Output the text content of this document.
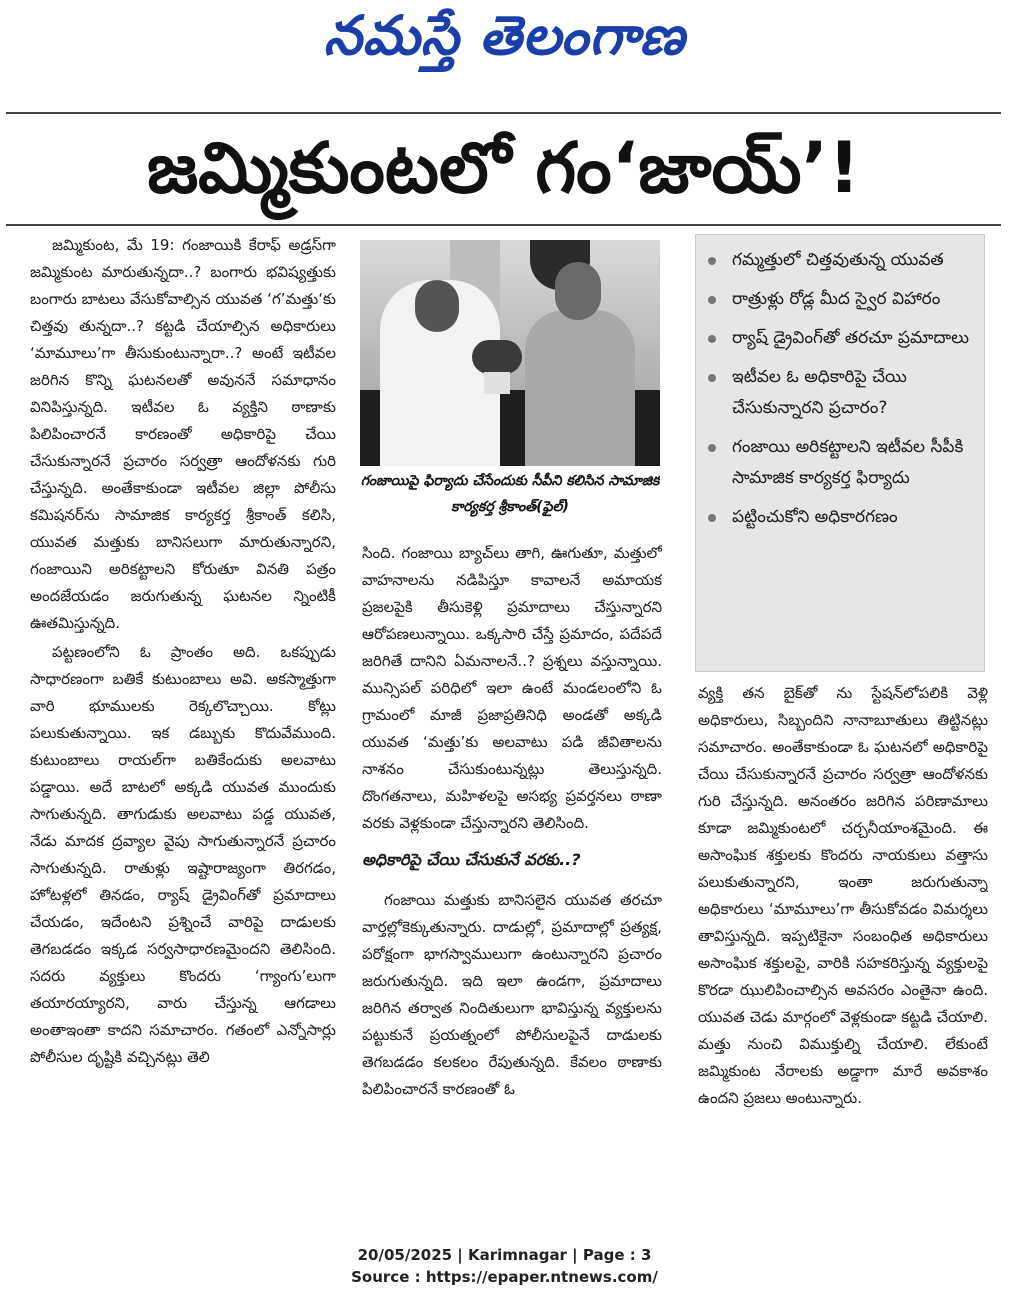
నమస్తే తెలంగాణ
జమ్మికుంటలో గం‘జాయ్’!

జమ్మికుంట, మే 19: గంజాయికి కేరాఫ్ అడ్రస్‌గా జమ్మికుంట మారుతున్నదా..? బంగారు భవిష్యత్తుకు బంగారు బాటలు వేసుకోవాల్సిన యువత ‘గ’మత్తు‘కు చిత్తవు తున్నదా..? కట్టడి చేయాల్సిన అధికారులు ‘మామూలు’గా తీసుకుంటున్నారా..? అంటే ఇటీవల జరిగిన కొన్ని ఘటనలతో అవుననే సమాధానం వినిపిస్తున్నది. ఇటీవల ఓ వ్యక్తిని ఠాణాకు పిలిపించారనే కారణంతో అధికారిపై చేయి చేసుకున్నారనే ప్రచారం సర్వత్రా ఆందోళనకు గురి చేస్తున్నది. అంతేకాకుండా ఇటీవల జిల్లా పోలీసు కమిషనర్‌ను సామాజిక కార్యకర్త శ్రీకాంత్ కలిసి, యువత మత్తుకు బానిసలుగా మారుతున్నారని, గంజాయిని అరికట్టాలని కోరుతూ వినతి పత్రం అందజేయడం జరుగుతున్న ఘటనల న్నింటికీ ఊతమిస్తున్నది.

పట్టణంలోని ఓ ప్రాంతం అది. ఒకప్పుడు సాధారణంగా బతికే కుటుంబాలు అవి. అకస్మాత్తుగా వారి భూములకు రెక్కలొచ్చాయి. కోట్లు పలుకుతున్నాయి. ఇక డబ్బుకు కొదువేముంది. కుటుంబాలు రాయల్‌గా బతికేందుకు అలవాటు పడ్డాయి. అదే బాటలో అక్కడి యువత ముందుకు సాగుతున్నది. తాగుడుకు అలవాటు పడ్డ యువత, నేడు మాదక ద్రవ్యాల వైపు సాగుతున్నారనే ప్రచారం సాగుతున్నది. రాతుళ్లు ఇష్టారాజ్యంగా తిరగడం, హోటళ్లలో తినడం, ర్యాష్ డ్రైవింగ్‌తో ప్రమాదాలు చేయడం, ఇదేంటని ప్రశ్నించే వారిపై దాడులకు తెగబడడం ఇక్కడ సర్వసాధారణమైందని తెలిసింది. సదరు వ్యక్తులు కొందరు ‘గ్యాంగు’లుగా తయారయ్యారని, వారు చేస్తున్న ఆగడాలు అంతాఇంతా కాదని సమాచారం. గతంలో ఎన్నోసార్లు పోలీసుల దృష్టికి వచ్చినట్లు తెలి

గంజాయిపై ఫిర్యాదు చేసేందుకు సీపీని కలిసిన సామాజిక కార్యకర్త శ్రీకాంత్(ఫైల్)

సింది. గంజాయి బ్యాచ్‌లు తాగి, ఊగుతూ, మత్తులో వాహనాలను నడిపిస్తూ కావాలనే అమాయక ప్రజలపైకి తీసుకెళ్లి ప్రమాదాలు చేస్తున్నారని ఆరోపణలున్నాయి. ఒక్కసారి చేస్తే ప్రమాదం, పదేపదే జరిగితే దానిని ఏమనాలనే..? ప్రశ్నలు వస్తున్నాయి. మున్సిపల్ పరిధిలో ఇలా ఉంటే మండలంలోని ఓ గ్రామంలో మాజీ ప్రజాప్రతినిధి అండతో అక్కడి యువత ‘మత్తు’కు అలవాటు పడి జీవితాలను నాశనం చేసుకుంటున్నట్లు తెలుస్తున్నది. దొంగతనాలు, మహిళలపై అసభ్య ప్రవర్తనలు ఠాణా వరకు వెళ్లకుండా చేస్తున్నారని తెలిసింది.

అధికారిపై చేయి చేసుకునే వరకు..?

గంజాయి మత్తుకు బానిసలైన యువత తరచూ వార్తల్లోకెక్కుతున్నారు. దాడుల్లో, ప్రమాదాల్లో ప్రత్యక్ష, పరోక్షంగా భాగస్వాములుగా ఉంటున్నారని ప్రచారం జరుగుతున్నది. ఇది ఇలా ఉండగా, ప్రమాదాలు జరిగిన తర్వాత నిందితులుగా భావిస్తున్న వ్యక్తులను పట్టుకునే ప్రయత్నంలో పోలీసులపైనే దాడులకు తెగబడడం కలకలం రేపుతున్నది. కేవలం ఠాణాకు పిలిపించారనే కారణంతో ఓ

గమ్మత్తులో చిత్తవుతున్న యువత
రాత్రుళ్లు రోడ్ల మీద స్వైర విహారం
ర్యాష్ డ్రైవింగ్‌తో తరచూ ప్రమాదాలు
ఇటీవల ఓ అధికారిపై చేయి చేసుకున్నారని ప్రచారం?
గంజాయి అరికట్టాలని ఇటీవల సీపీకి సామాజిక కార్యకర్త ఫిర్యాదు
పట్టించుకోని అధికారగణం

వ్యక్తి తన బైక్‌తో ను స్టేషన్‌లోపలికి వెళ్లి అధికారులు, సిబ్బందిని నానాబూతులు తిట్టినట్లు సమాచారం. అంతేకాకుండా ఓ ఘటనలో అధికారిపై చేయి చేసుకున్నారనే ప్రచారం సర్వత్రా ఆందోళనకు గురి చేస్తున్నది. అనంతరం జరిగిన పరిణామాలు కూడా జమ్మికుంటలో చర్చనీయాంశమైంది. ఈ అసాంఘిక శక్తులకు కొందరు నాయకులు వత్తాసు పలుకుతున్నారని, ఇంతా జరుగుతున్నా అధికారులు ‘మామూలు’గా తీసుకోవడం విమర్శలు తావిస్తున్నది. ఇప్పటికైనా సంబంధిత అధికారులు అసాంఘిక శక్తులపై, వారికి సహకరిస్తున్న వ్యక్తులపై కొరడా ఝులిపించాల్సిన అవసరం ఎంతైనా ఉంది. యువత చెడు మార్గంలో వెళ్లకుండా కట్టడి చేయాలి. మత్తు నుంచి విముక్తుల్ని చేయాలి. లేకుంటే జమ్మికుంట నేరాలకు అడ్డాగా మారే అవకాశం ఉందని ప్రజలు అంటున్నారు.

20/05/2025 | Karimnagar | Page : 3
Source : https://epaper.ntnews.com/
